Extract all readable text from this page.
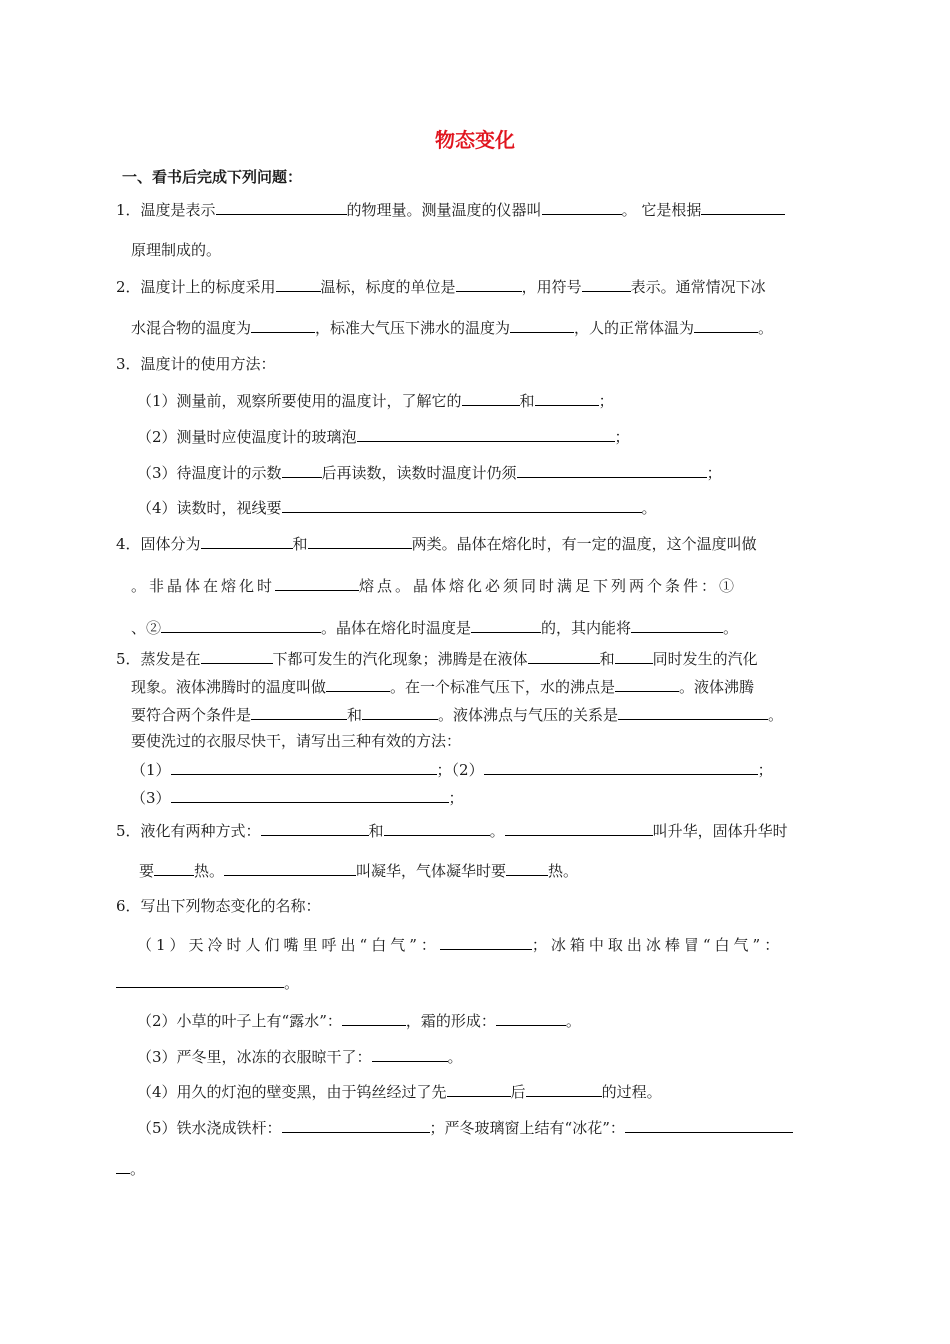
物态变化
一、看书后完成下列问题：
1．温度是表示	的物理量。测量温度的仪器叫	。 它是根据
原理制成的。
2．温度计上的标度采用	温标，标度的单位是	，用符号	表示。通常情况下冰
水混合物的温度为	，标准大气压下沸水的温度为	，人的正常体温为	。
3．温度计的使用方法：
（1）测量前，观察所要使用的温度计，了解它的	和	；
（2）测量时应使温度计的玻璃泡	；
（3）待温度计的示数	后再读数，读数时温度计仍须	；
（4）读数时，视线要	。
4．固体分为	和	两类。晶体在熔化时，有一定的温度，这个温度叫做
。非晶体在熔化时	熔点。晶体熔化必须同时满足下列两个条件：①
、②	。晶体在熔化时温度是	的，其内能将	。
5．蒸发是在	下都可发生的汽化现象；沸腾是在液体	和	同时发生的汽化
现象。液体沸腾时的温度叫做	。在一个标准气压下，水的沸点是	。液体沸腾
要符合两个条件是	和	。液体沸点与气压的关系是	。
要使洗过的衣服尽快干，请写出三种有效的方法：
（1）	；（2）	；
（3）	；
5．液化有两种方式：	和	。	叫升华，固体升华时
要	热。	叫凝华，气体凝华时要	热。
6．写出下列物态变化的名称：
（1）天冷时人们嘴里呼出“白气”：	；冰箱中取出冰棒冒“白气”：
。
（2）小草的叶子上有“露水”：	，霜的形成：	。
（3）严冬里，冰冻的衣服晾干了：	。
（4）用久的灯泡的壁变黑，由于钨丝经过了先	后	的过程。
（5）铁水浇成铁杆：	；严冬玻璃窗上结有“冰花”：
。
